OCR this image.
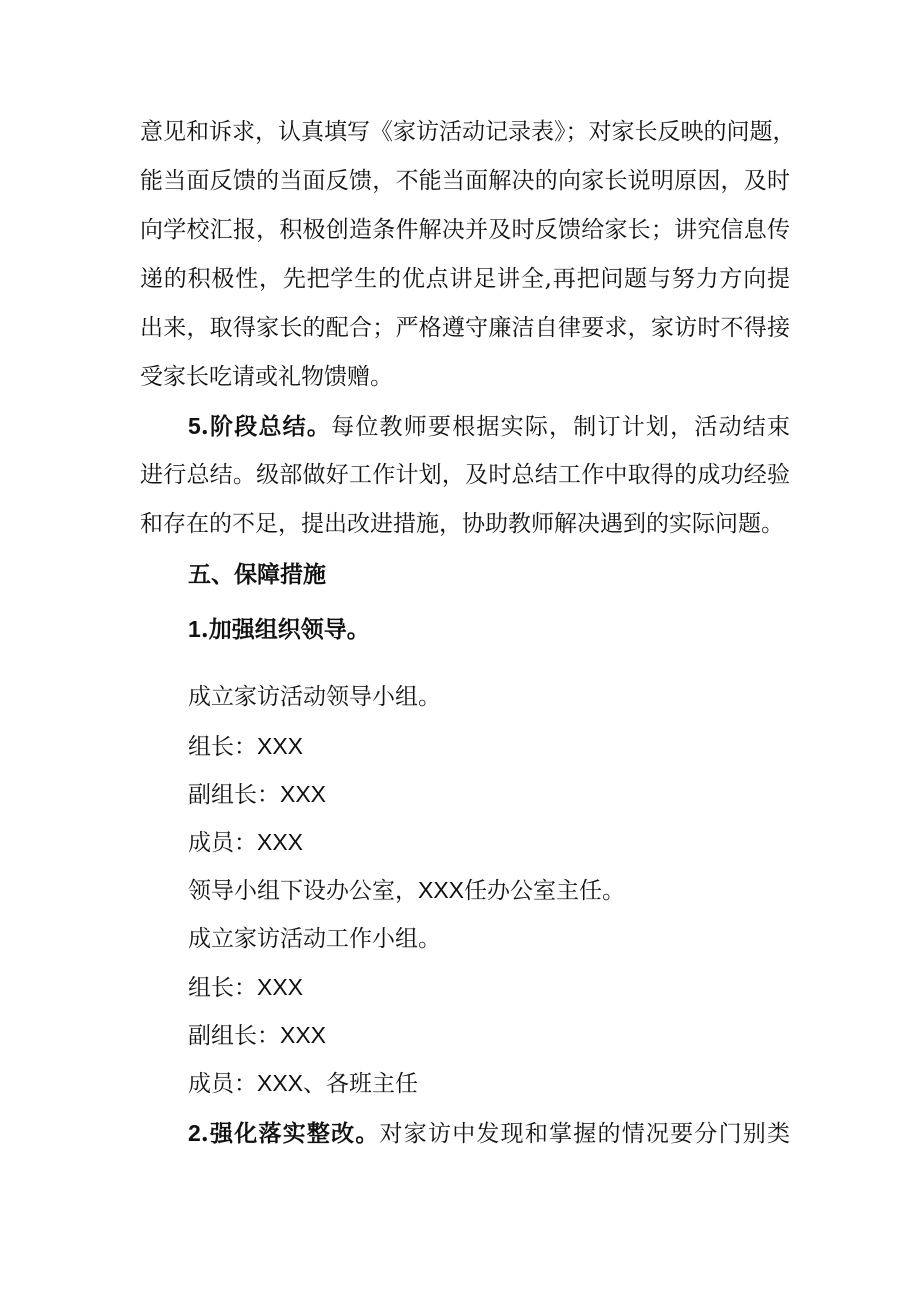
意见和诉求，认真填写《家访活动记录表》；对家长反映的问题，
能当面反馈的当面反馈，不能当面解决的向家长说明原因，及时
向学校汇报，积极创造条件解决并及时反馈给家长；讲究信息传
递的积极性，先把学生的优点讲足讲全,再把问题与努力方向提
出来，取得家长的配合；严格遵守廉洁自律要求，家访时不得接
受家长吃请或礼物馈赠。
5.阶段总结。每位教师要根据实际，制订计划，活动结束
进行总结。级部做好工作计划，及时总结工作中取得的成功经验
和存在的不足，提出改进措施，协助教师解决遇到的实际问题。
五、保障措施
1.加强组织领导。
成立家访活动领导小组。
组长：XXX
副组长：XXX
成员：XXX
领导小组下设办公室，XXX任办公室主任。
成立家访活动工作小组。
组长：XXX
副组长：XXX
成员：XXX、各班主任
2.强化落实整改。对家访中发现和掌握的情况要分门别类
